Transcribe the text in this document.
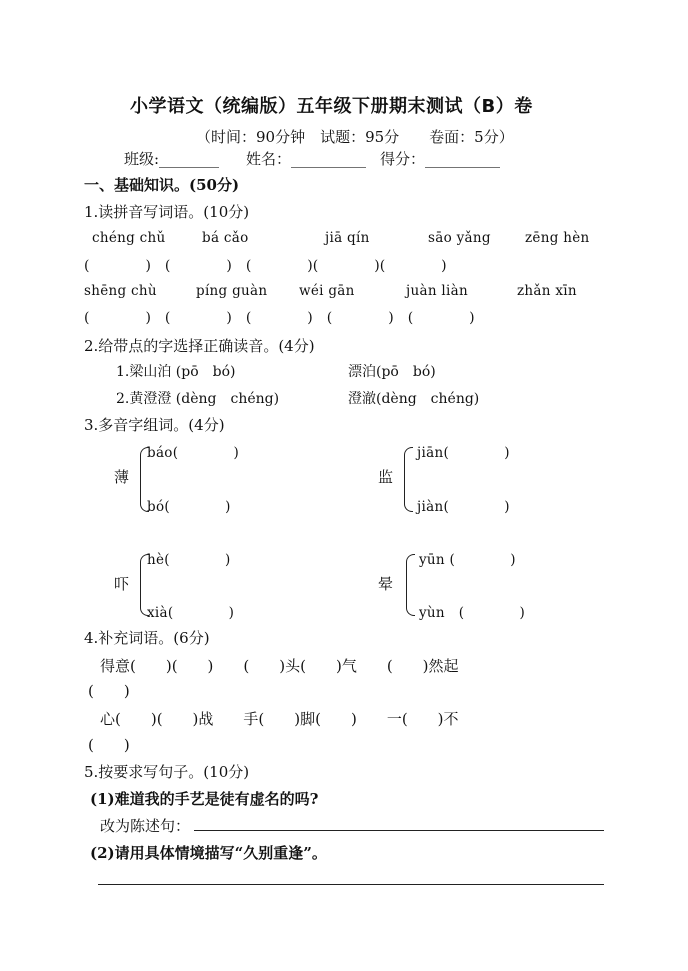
小学语文（统编版）五年级下册期末测试（B）卷
（时间：90分钟　试题：95分　　卷面：5分）
班级:________ 姓名：__________ 得分：__________
一、基础知识。(50分)
1.读拼音写词语。(10分)
chéng chǔ	bá cǎo	jiā qín	sāo yǎng	zēng hèn
(　　　　)　(　　　　)　(　　　　)(　　　　)(　　　　)
shēng chù	píng guàn wéi gān	juàn liàn	zhǎn xīn
(　　　　)　(　　　　)　(　　　　)　(　　　　)　(　　　　)
2.给带点的字选择正确读音。(4分)
1.梁山泊 (pō　bó)	漂泊(pō　bó)
2.黄澄澄 (dèng　chéng)	澄澈(dèng　chéng)
3.多音字组词。(4分)
薄
báo(　　　　)
bó(　　　　)
监
jiān(　　　　)
jiàn(　　　　)
吓
hè(　　　　)
xià(　　　　)
晕
yūn (　　　　)
yùn　(　　　　)
4.补充词语。(6分)
得意(　　)(　　)　　(　　)头(　　)气　　(　　)然起
(　　)
心(　　)(　　)战　　手(　　)脚(　　)　　一(　　)不
(　　)
5.按要求写句子。(10分)
(1)难道我的手艺是徒有虚名的吗?
改为陈述句：
(2)请用具体情境描写“久别重逢”。
